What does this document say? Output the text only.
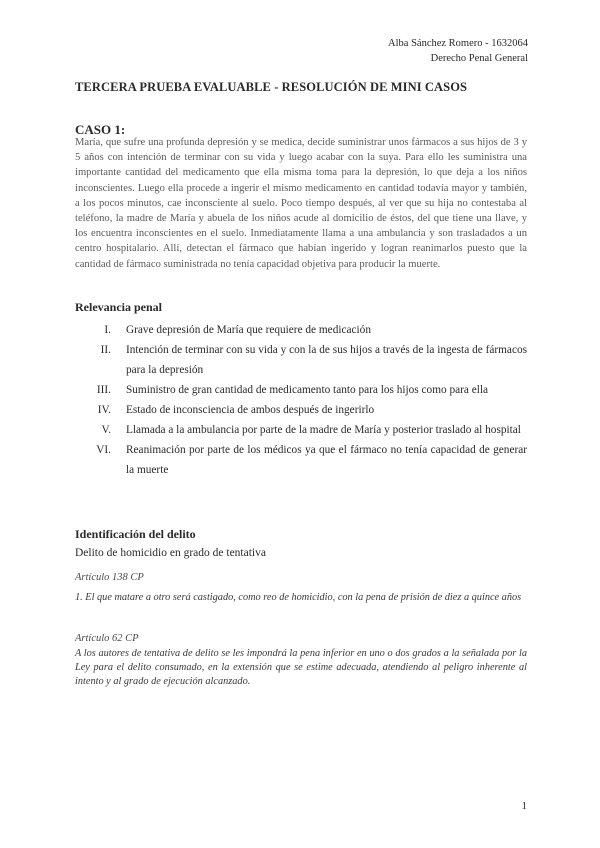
Alba Sánchez Romero - 1632064
Derecho Penal General
TERCERA PRUEBA EVALUABLE - RESOLUCIÓN DE MINI CASOS
CASO 1:
María, que sufre una profunda depresión y se medica, decide suministrar unos fármacos a sus hijos de 3 y 5 años con intención de terminar con su vida y luego acabar con la suya. Para ello les suministra una importante cantidad del medicamento que ella misma toma para la depresión, lo que deja a los niños inconscientes. Luego ella procede a ingerir el mismo medicamento en cantidad todavía mayor y también, a los pocos minutos, cae inconsciente al suelo. Poco tiempo después, al ver que su hija no contestaba al teléfono, la madre de María y abuela de los niños acude al domicilio de éstos, del que tiene una llave, y los encuentra inconscientes en el suelo. Inmediatamente llama a una ambulancia y son trasladados a un centro hospitalario. Allí, detectan el fármaco que habían ingerido y logran reanimarlos puesto que la cantidad de fármaco suministrada no tenía capacidad objetiva para producir la muerte.
Relevancia penal
I.	Grave depresión de María que requiere de medicación
II.	Intención de terminar con su vida y con la de sus hijos a través de la ingesta de fármacos para la depresión
III.	Suministro de gran cantidad de medicamento tanto para los hijos como para ella
IV.	Estado de inconsciencia de ambos después de ingerirlo
V.	Llamada a la ambulancia por parte de la madre de María y posterior traslado al hospital
VI.	Reanimación por parte de los médicos ya que el fármaco no tenía capacidad de generar la muerte
Identificación del delito
Delito de homicidio en grado de tentativa
Artículo 138 CP
1. El que matare a otro será castigado, como reo de homicidio, con la pena de prisión de diez a quince años
Artículo 62 CP
A los autores de tentativa de delito se les impondrá la pena inferior en uno o dos grados a la señalada por la Ley para el delito consumado, en la extensión que se estime adecuada, atendiendo al peligro inherente al intento y al grado de ejecución alcanzado.
1
